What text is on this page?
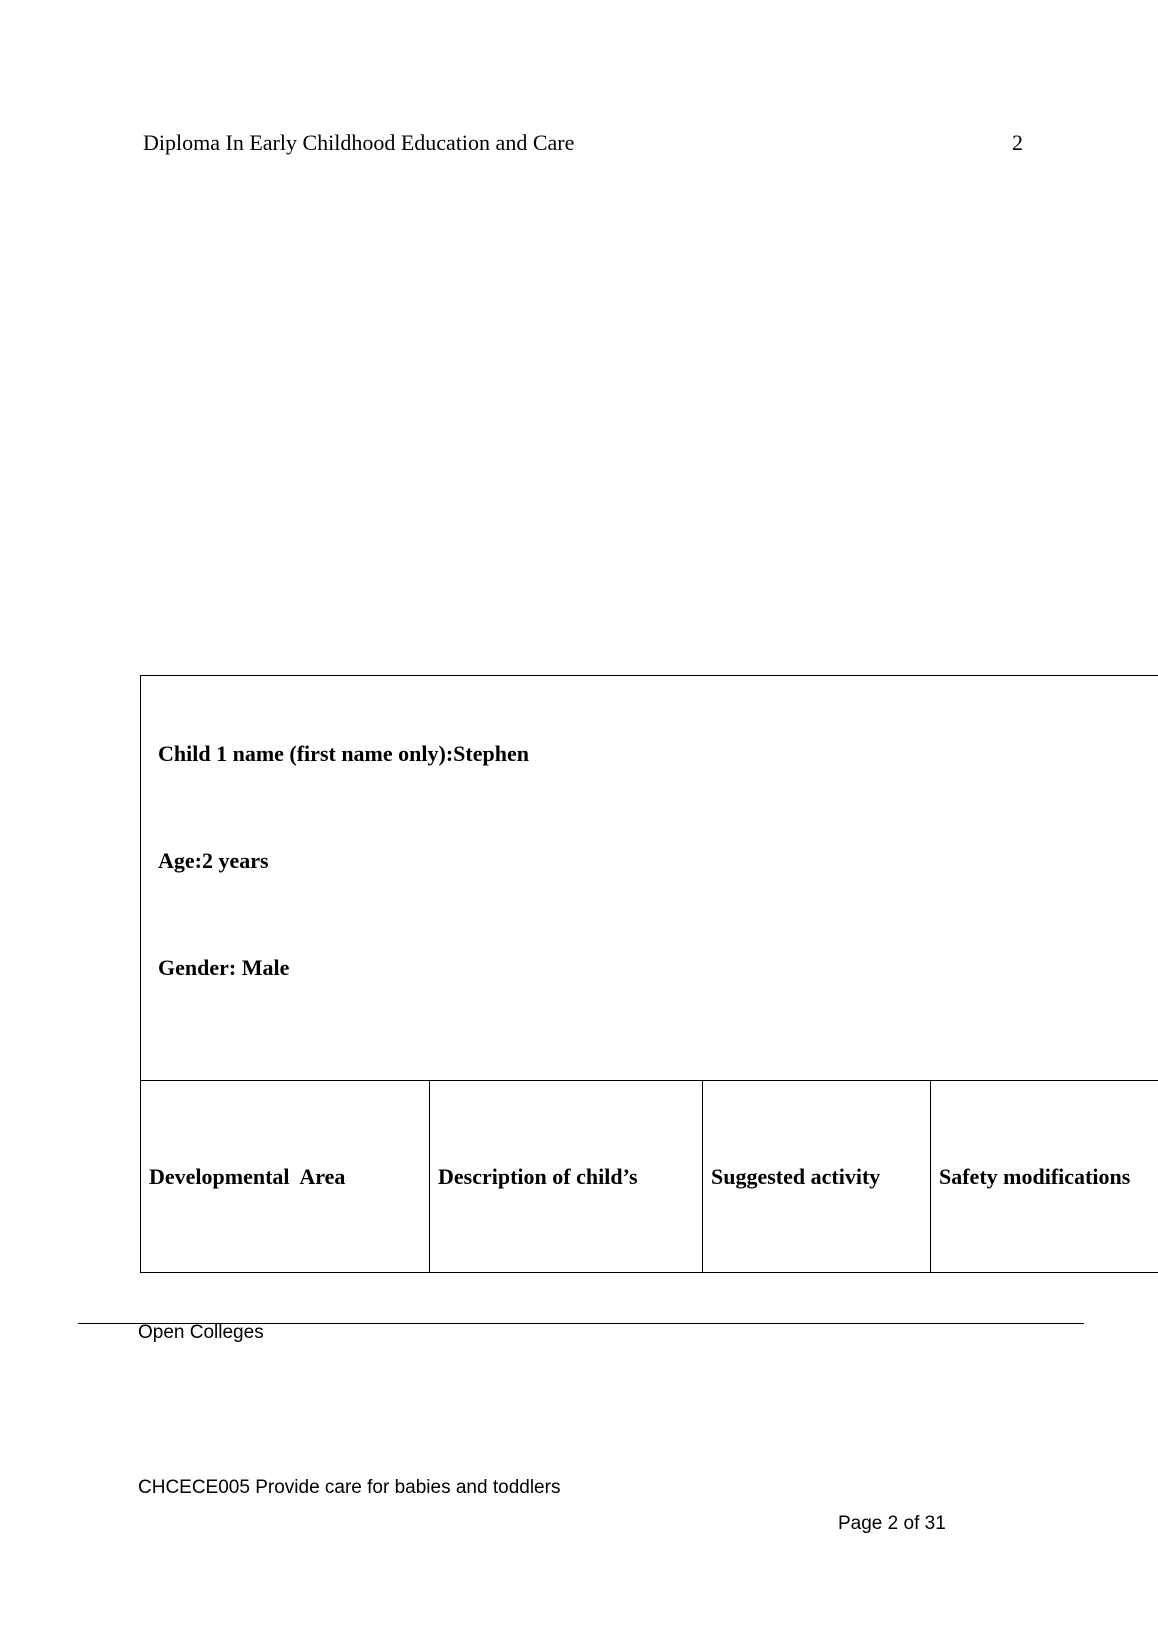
Diploma In Early Childhood Education and Care	2
Child 1 name (first name only):Stephen
Age:2 years
Gender: Male

Developmental  Area	Description of child’s	Suggested activity	Safety modifications
Open Colleges
CHCECE005 Provide care for babies and toddlers
Page 2 of 31
